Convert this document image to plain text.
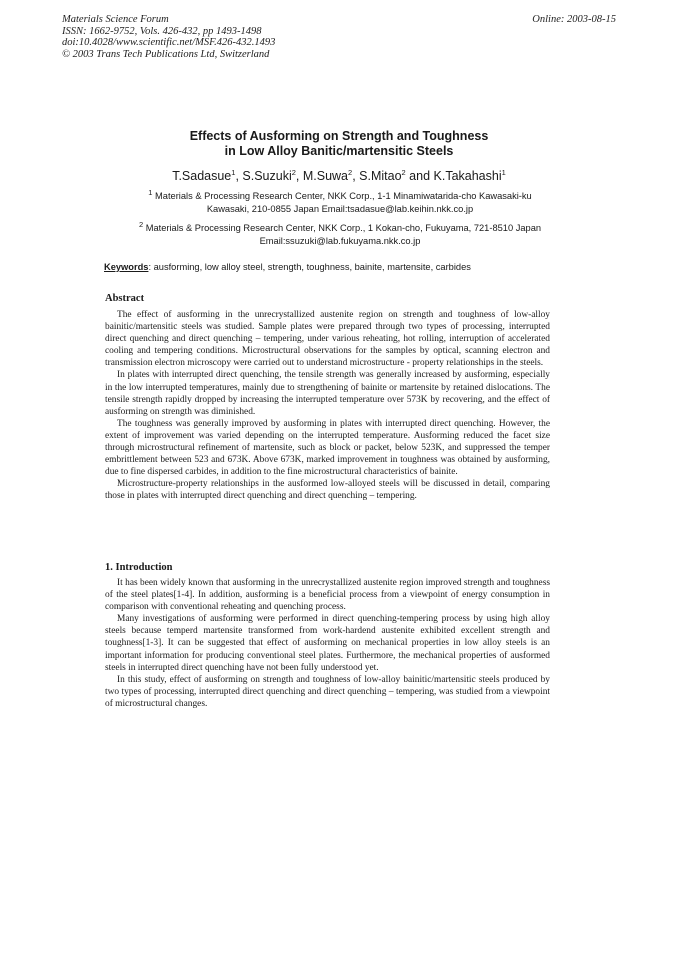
Materials Science Forum
ISSN: 1662-9752, Vols. 426-432, pp 1493-1498
doi:10.4028/www.scientific.net/MSF.426-432.1493
© 2003 Trans Tech Publications Ltd, Switzerland
Online: 2003-08-15
Effects of Ausforming on Strength and Toughness
in Low Alloy Banitic/martensitic Steels
T.Sadasue$^1$, S.Suzuki$^2$, M.Suwa$^2$, S.Mitao$^2$ and K.Takahashi$^1$
$^1$ Materials & Processing Research Center, NKK Corp., 1-1 Minamiwatarida-cho Kawasaki-ku
Kawasaki, 210-0855 Japan Email:tsadasue@lab.keihin.nkk.co.jp
$^2$ Materials & Processing Research Center, NKK Corp., 1 Kokan-cho, Fukuyama, 721-8510 Japan
Email:ssuzuki@lab.fukuyama.nkk.co.jp
Keywords: ausforming, low alloy steel, strength, toughness, bainite, martensite, carbides
Abstract

The effect of ausforming in the unrecrystallized austenite region on strength and toughness of low-alloy bainitic/martensitic steels was studied. Sample plates were prepared through two types of processing, interrupted direct quenching and direct quenching – tempering, under various reheating, hot rolling, interruption of accelerated cooling and tempering conditions. Microstructural observations for the samples by optical, scanning electron and transmission electron microscopy were carried out to understand microstructure - property relationships in the steels.

In plates with interrupted direct quenching, the tensile strength was generally increased by ausforming, especially in the low interrupted temperatures, mainly due to strengthening of bainite or martensite by retained dislocations. The tensile strength rapidly dropped by increasing the interrupted temperature over 573K by recovering, and the effect of ausforming on strength was diminished.

The toughness was generally improved by ausforming in plates with interrupted direct quenching. However, the extent of improvement was varied depending on the interrupted temperature. Ausforming reduced the facet size through microstructural refinement of martensite, such as block or packet, below 523K, and suppressed the temper embrittlement between 523 and 673K. Above 673K, marked improvement in toughness was obtained by ausforming, due to fine dispersed carbides, in addition to the fine microstructural characteristics of bainite.

Microstructure-property relationships in the ausformed low-alloyed steels will be discussed in detail, comparing those in plates with interrupted direct quenching and direct quenching – tempering.

1. Introduction

It has been widely known that ausforming in the unrecrystallized austenite region improved strength and toughness of the steel plates[1-4]. In addition, ausforming is a beneficial process from a viewpoint of energy consumption in comparison with conventional reheating and quenching process.

Many investigations of ausforming were performed in direct quenching-tempering process by using high alloy steels because temperd martensite transformed from work-hardend austenite exhibited excellent strength and toughness[1-3]. It can be suggested that effect of ausforming on mechanical properties in low alloy steels is an important information for producing conventional steel plates. Furthermore, the mechanical properties of ausformed steels in interrupted direct quenching have not been fully understood yet.

In this study, effect of ausforming on strength and toughness of low-alloy bainitic/martensitic steels produced by two types of processing, interrupted direct quenching and direct quenching – tempering, was studied from a viewpoint of microstructural changes.
